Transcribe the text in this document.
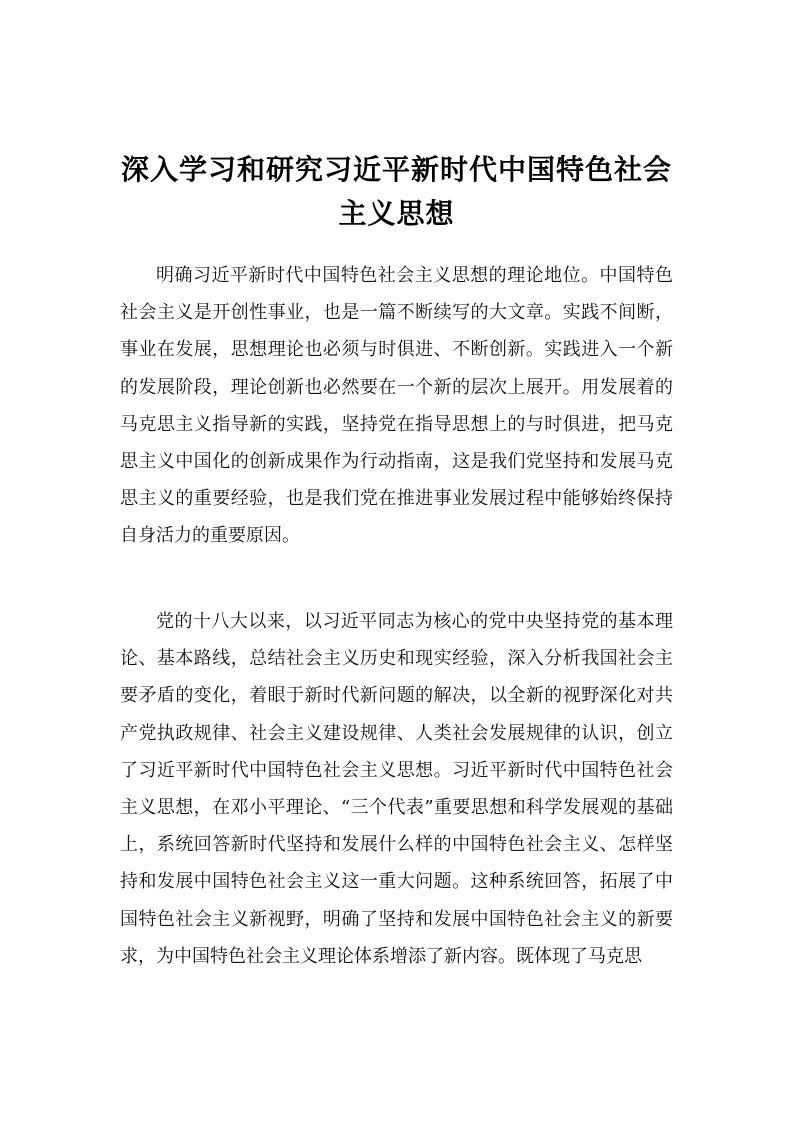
深入学习和研究习近平新时代中国特色社会主义思想

明确习近平新时代中国特色社会主义思想的理论地位。中国特色社会主义是开创性事业，也是一篇不断续写的大文章。实践不间断，事业在发展，思想理论也必须与时俱进、不断创新。实践进入一个新的发展阶段，理论创新也必然要在一个新的层次上展开。用发展着的马克思主义指导新的实践，坚持党在指导思想上的与时俱进，把马克思主义中国化的创新成果作为行动指南，这是我们党坚持和发展马克思主义的重要经验，也是我们党在推进事业发展过程中能够始终保持自身活力的重要原因。

党的十八大以来，以习近平同志为核心的党中央坚持党的基本理论、基本路线，总结社会主义历史和现实经验，深入分析我国社会主要矛盾的变化，着眼于新时代新问题的解决，以全新的视野深化对共产党执政规律、社会主义建设规律、人类社会发展规律的认识，创立了习近平新时代中国特色社会主义思想。习近平新时代中国特色社会主义思想，在邓小平理论、“三个代表”重要思想和科学发展观的基础上，系统回答新时代坚持和发展什么样的中国特色社会主义、怎样坚持和发展中国特色社会主义这一重大问题。这种系统回答，拓展了中国特色社会主义新视野，明确了坚持和发展中国特色社会主义的新要求，为中国特色社会主义理论体系增添了新内容。既体现了马克思
